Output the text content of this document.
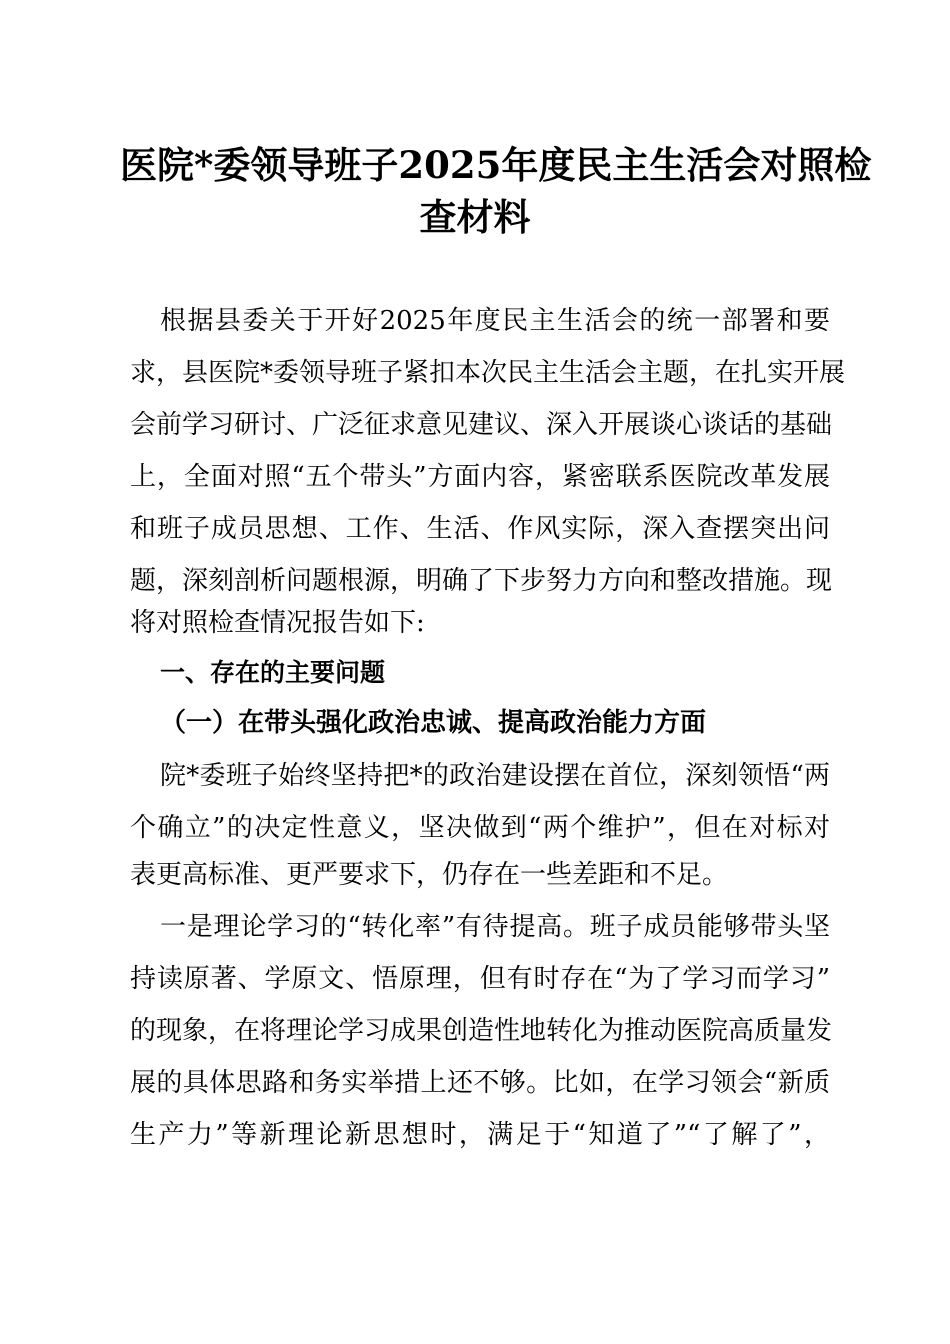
医院*委领导班子2025年度民主生活会对照检
查材料

根据县委关于开好2025年度民主生活会的统一部署和要

求，县医院*委领导班子紧扣本次民主生活会主题，在扎实开展

会前学习研讨、广泛征求意见建议、深入开展谈心谈话的基础

上，全面对照“五个带头”方面内容，紧密联系医院改革发展

和班子成员思想、工作、生活、作风实际，深入查摆突出问

题，深刻剖析问题根源，明确了下步努力方向和整改措施。现

将对照检查情况报告如下:

一、存在的主要问题
（一）在带头强化政治忠诚、提高政治能力方面

院*委班子始终坚持把*的政治建设摆在首位，深刻领悟“两

个确立”的决定性意义，坚决做到“两个维护”，但在对标对

表更高标准、更严要求下，仍存在一些差距和不足。

一是理论学习的“转化率”有待提高。班子成员能够带头坚

持读原著、学原文、悟原理，但有时存在“为了学习而学习”

的现象，在将理论学习成果创造性地转化为推动医院高质量发

展的具体思路和务实举措上还不够。比如，在学习领会“新质

生产力”等新理论新思想时，满足于“知道了”“了解了”，
